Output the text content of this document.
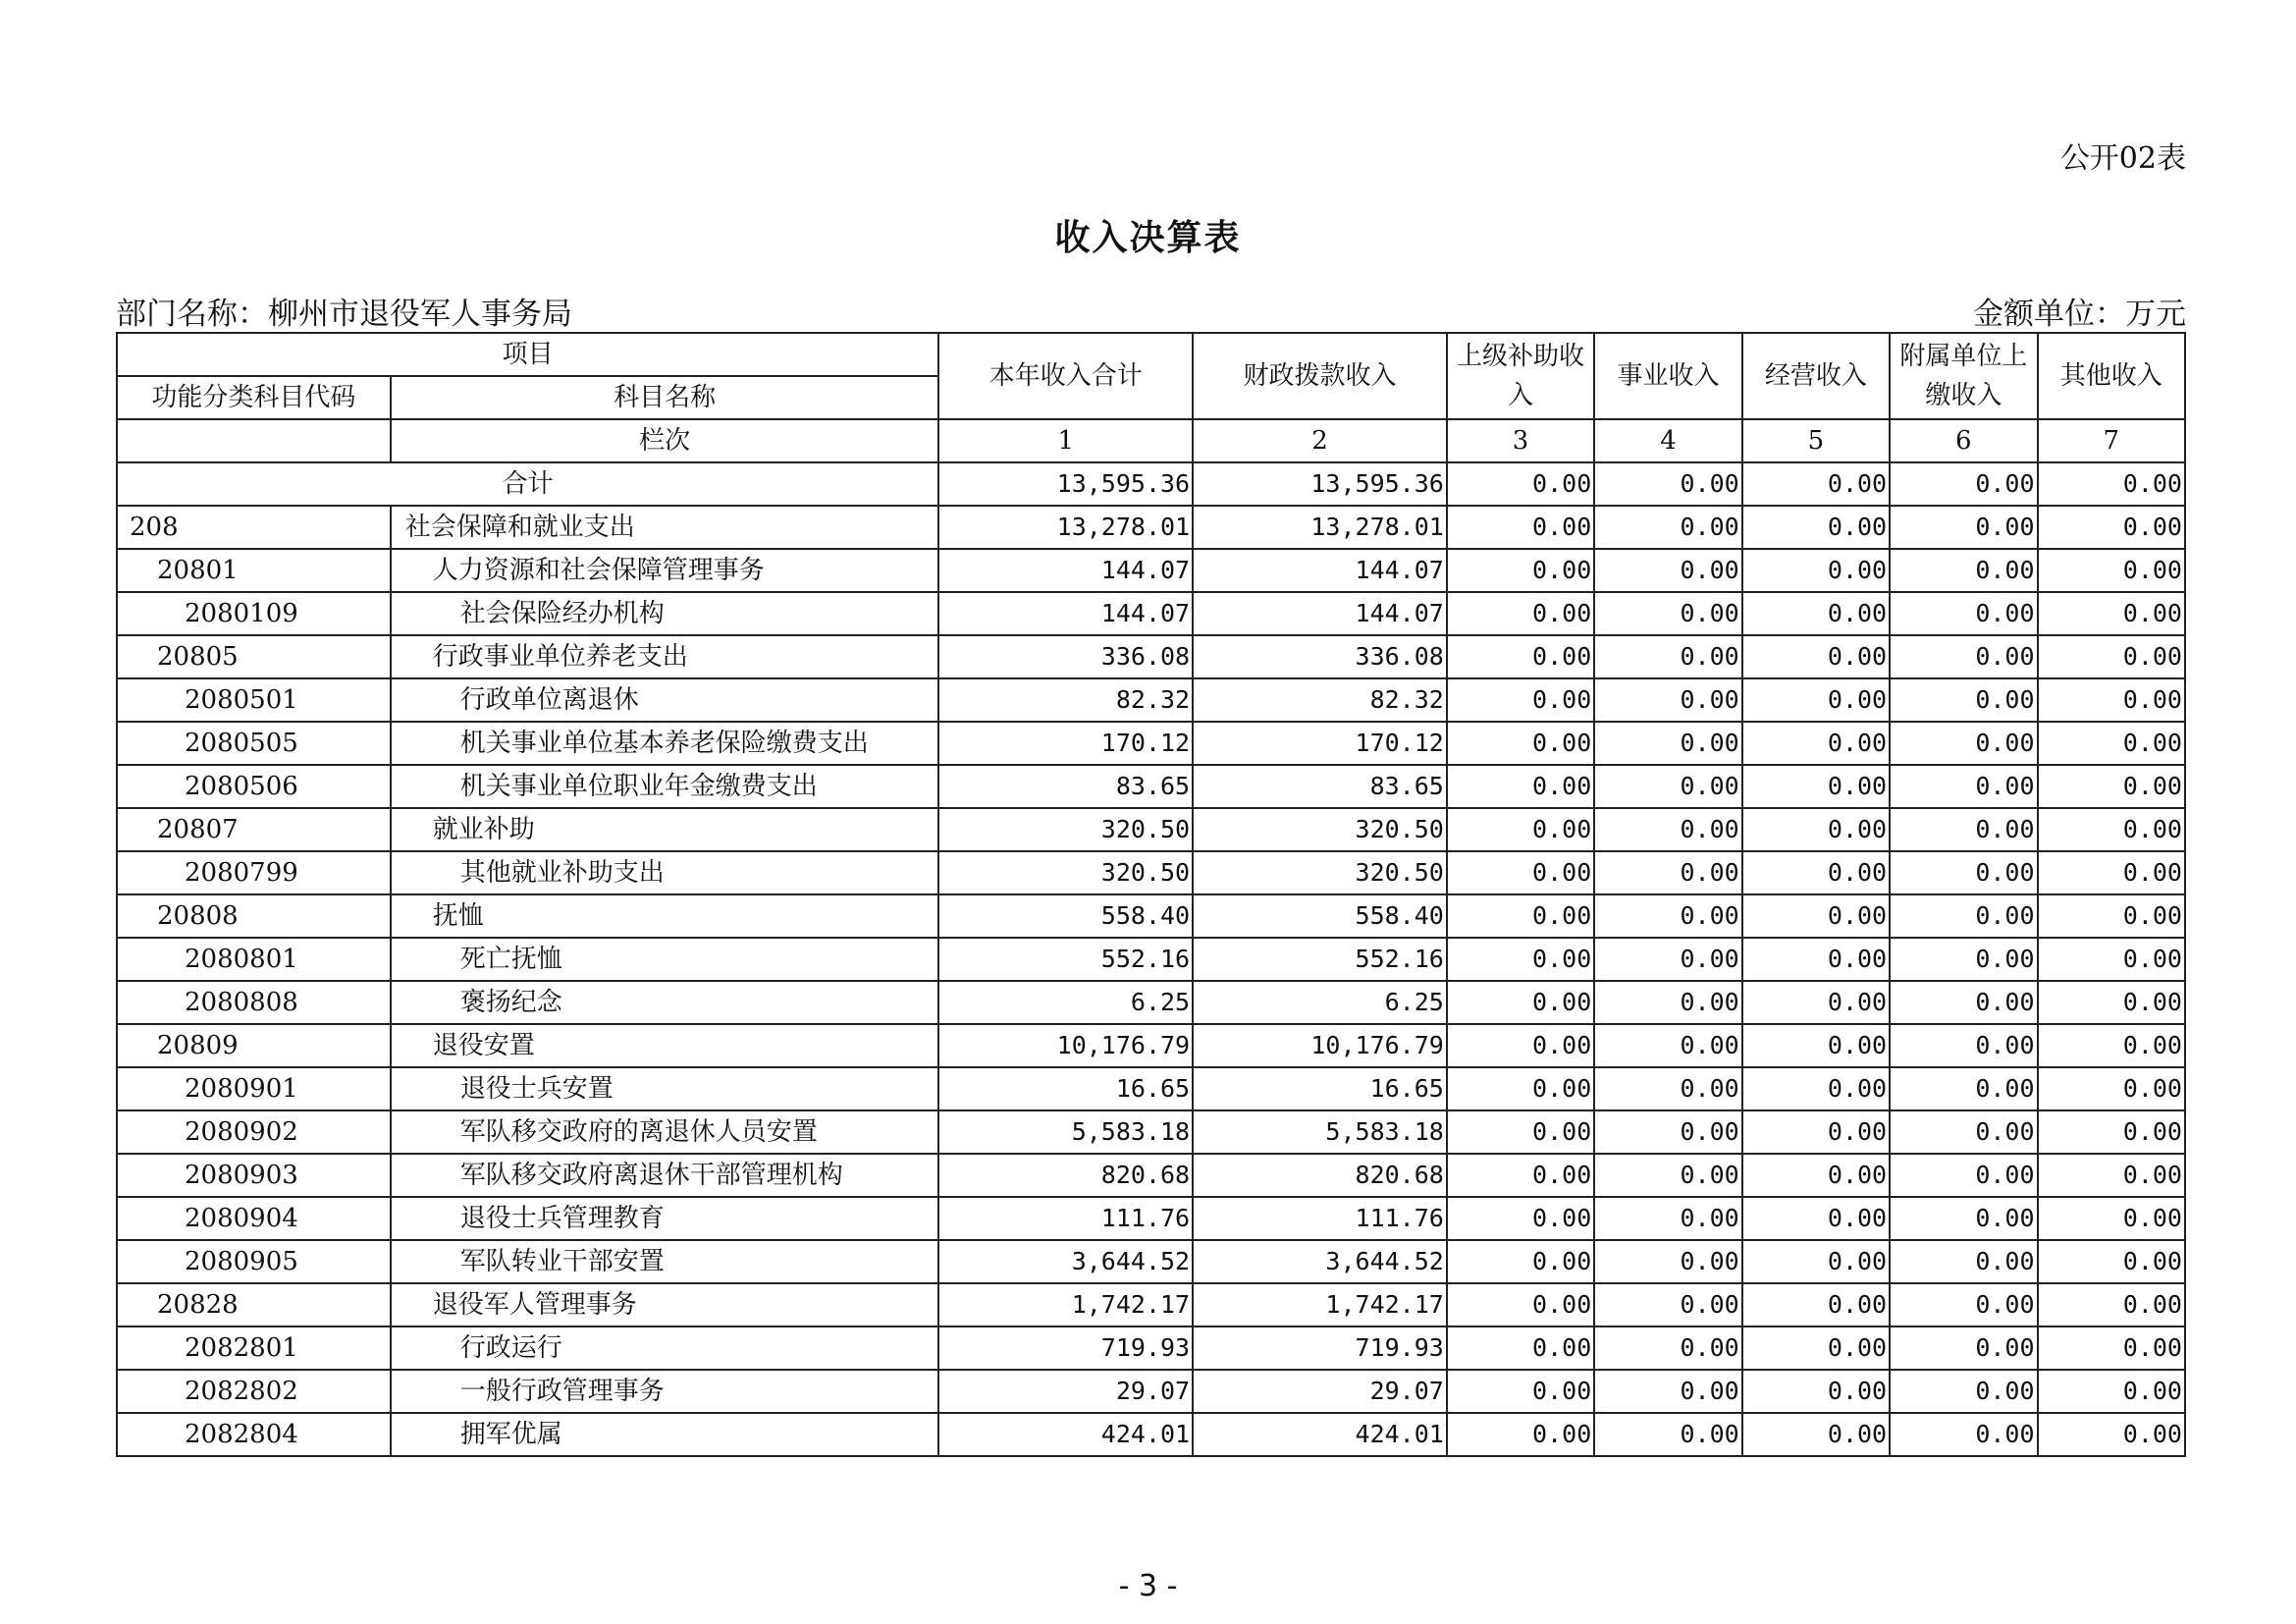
公开02表
收入决算表
部门名称：柳州市退役军人事务局	金额单位：万元
项目		本年收入合计	财政拨款收入	上级补助收入	事业收入	经营收入	附属单位上缴收入	其他收入
功能分类科目代码	科目名称							
	栏次	1	2	3	4	5	6	7
合计		13,595.36	13,595.36	0.00	0.00	0.00	0.00	0.00
208	社会保障和就业支出	13,278.01	13,278.01	0.00	0.00	0.00	0.00	0.00
20801	人力资源和社会保障管理事务	144.07	144.07	0.00	0.00	0.00	0.00	0.00
2080109	社会保险经办机构	144.07	144.07	0.00	0.00	0.00	0.00	0.00
20805	行政事业单位养老支出	336.08	336.08	0.00	0.00	0.00	0.00	0.00
2080501	行政单位离退休	82.32	82.32	0.00	0.00	0.00	0.00	0.00
2080505	机关事业单位基本养老保险缴费支出	170.12	170.12	0.00	0.00	0.00	0.00	0.00
2080506	机关事业单位职业年金缴费支出	83.65	83.65	0.00	0.00	0.00	0.00	0.00
20807	就业补助	320.50	320.50	0.00	0.00	0.00	0.00	0.00
2080799	其他就业补助支出	320.50	320.50	0.00	0.00	0.00	0.00	0.00
20808	抚恤	558.40	558.40	0.00	0.00	0.00	0.00	0.00
2080801	死亡抚恤	552.16	552.16	0.00	0.00	0.00	0.00	0.00
2080808	褒扬纪念	6.25	6.25	0.00	0.00	0.00	0.00	0.00
20809	退役安置	10,176.79	10,176.79	0.00	0.00	0.00	0.00	0.00
2080901	退役士兵安置	16.65	16.65	0.00	0.00	0.00	0.00	0.00
2080902	军队移交政府的离退休人员安置	5,583.18	5,583.18	0.00	0.00	0.00	0.00	0.00
2080903	军队移交政府离退休干部管理机构	820.68	820.68	0.00	0.00	0.00	0.00	0.00
2080904	退役士兵管理教育	111.76	111.76	0.00	0.00	0.00	0.00	0.00
2080905	军队转业干部安置	3,644.52	3,644.52	0.00	0.00	0.00	0.00	0.00
20828	退役军人管理事务	1,742.17	1,742.17	0.00	0.00	0.00	0.00	0.00
2082801	行政运行	719.93	719.93	0.00	0.00	0.00	0.00	0.00
2082802	一般行政管理事务	29.07	29.07	0.00	0.00	0.00	0.00	0.00
2082804	拥军优属	424.01	424.01	0.00	0.00	0.00	0.00	0.00
- 3 -
